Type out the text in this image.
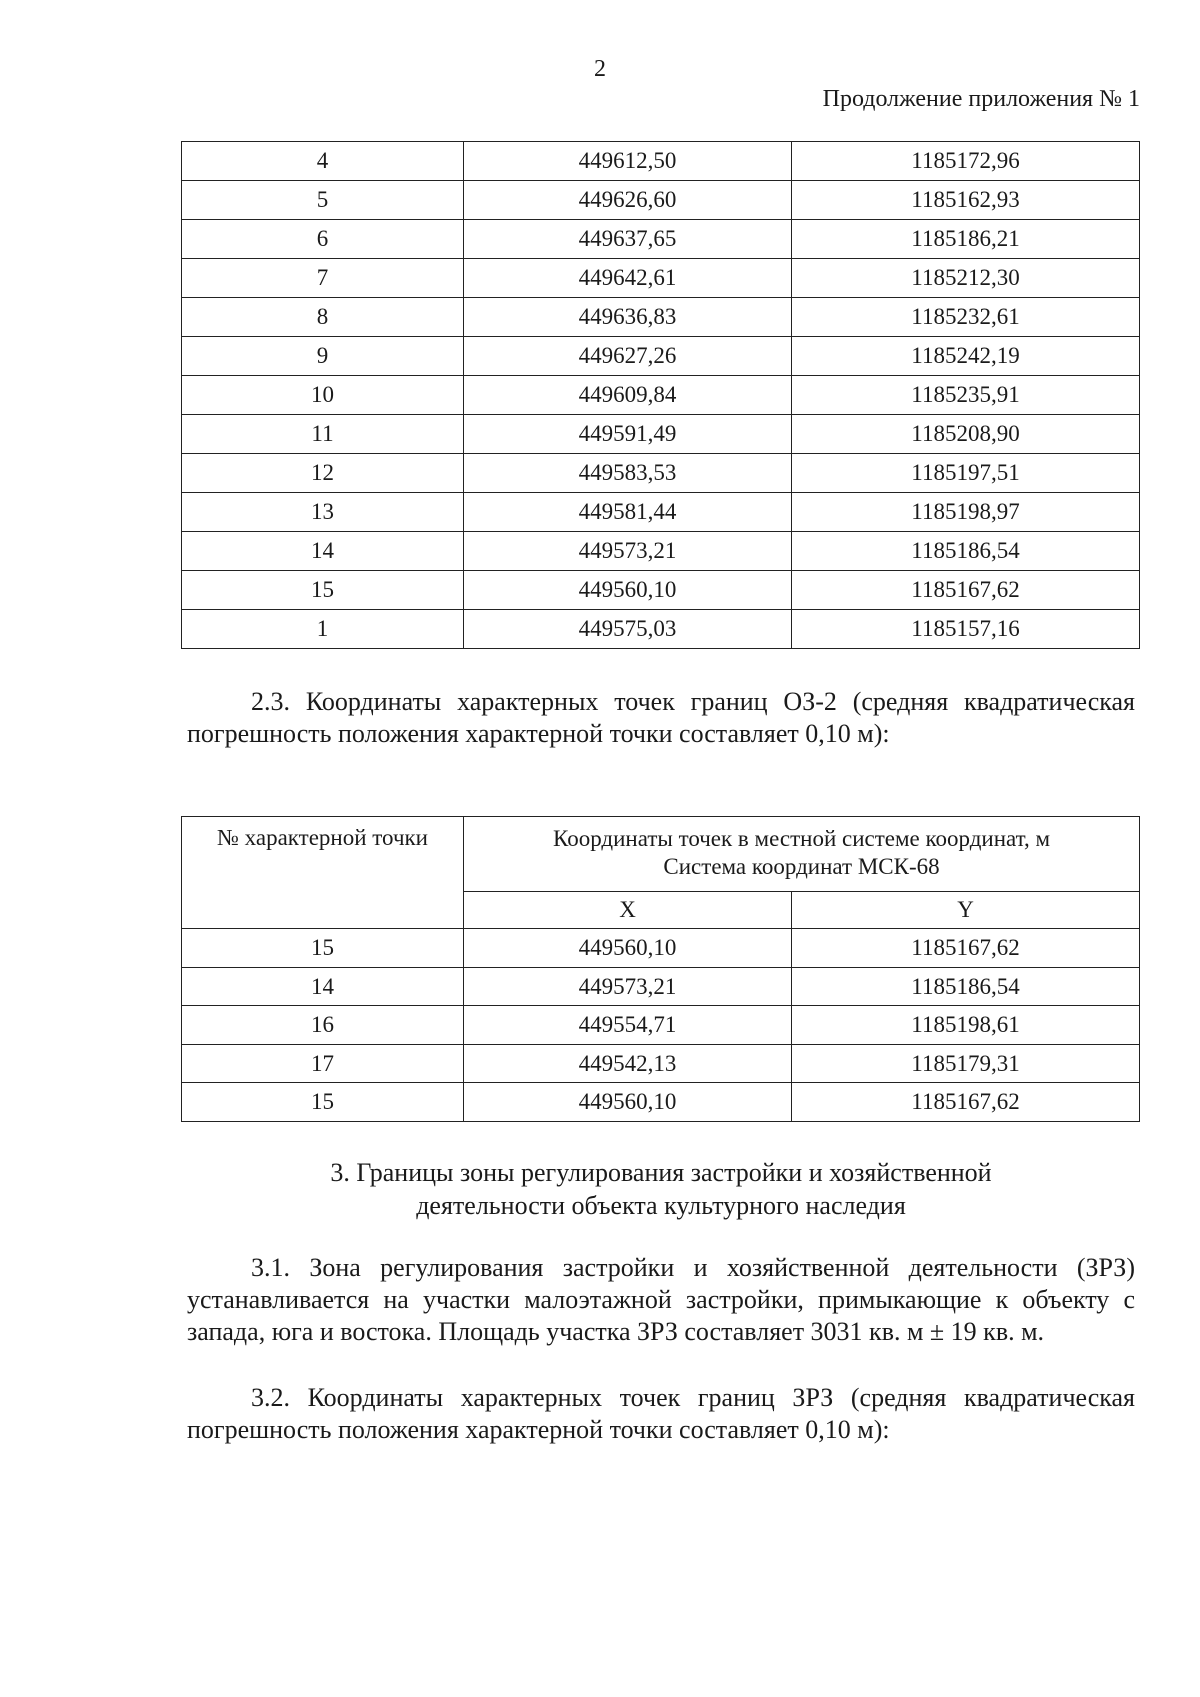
2
Продолжение приложения № 1
4	449612,50	1185172,96
5	449626,60	1185162,93
6	449637,65	1185186,21
7	449642,61	1185212,30
8	449636,83	1185232,61
9	449627,26	1185242,19
10	449609,84	1185235,91
11	449591,49	1185208,90
12	449583,53	1185197,51
13	449581,44	1185198,97
14	449573,21	1185186,54
15	449560,10	1185167,62
1	449575,03	1185157,16
2.3. Координаты характерных точек границ ОЗ-2 (средняя квадратическая погрешность положения характерной точки составляет 0,10 м):
№ характерной точки	Координаты точек в местной системе координат, м
Система координат МСК-68	

	X	Y
15	449560,10	1185167,62
14	449573,21	1185186,54
16	449554,71	1185198,61
17	449542,13	1185179,31
15	449560,10	1185167,62
3. Границы зоны регулирования застройки и хозяйственной
деятельности объекта культурного наследия
3.1. Зона регулирования застройки и хозяйственной деятельности (ЗРЗ) устанавливается на участки малоэтажной застройки, примыкающие к объекту с запада, юга и востока. Площадь участка ЗРЗ составляет 3031 кв. м ± 19 кв. м.
3.2. Координаты характерных точек границ ЗРЗ (средняя квадратическая погрешность положения характерной точки составляет 0,10 м):
